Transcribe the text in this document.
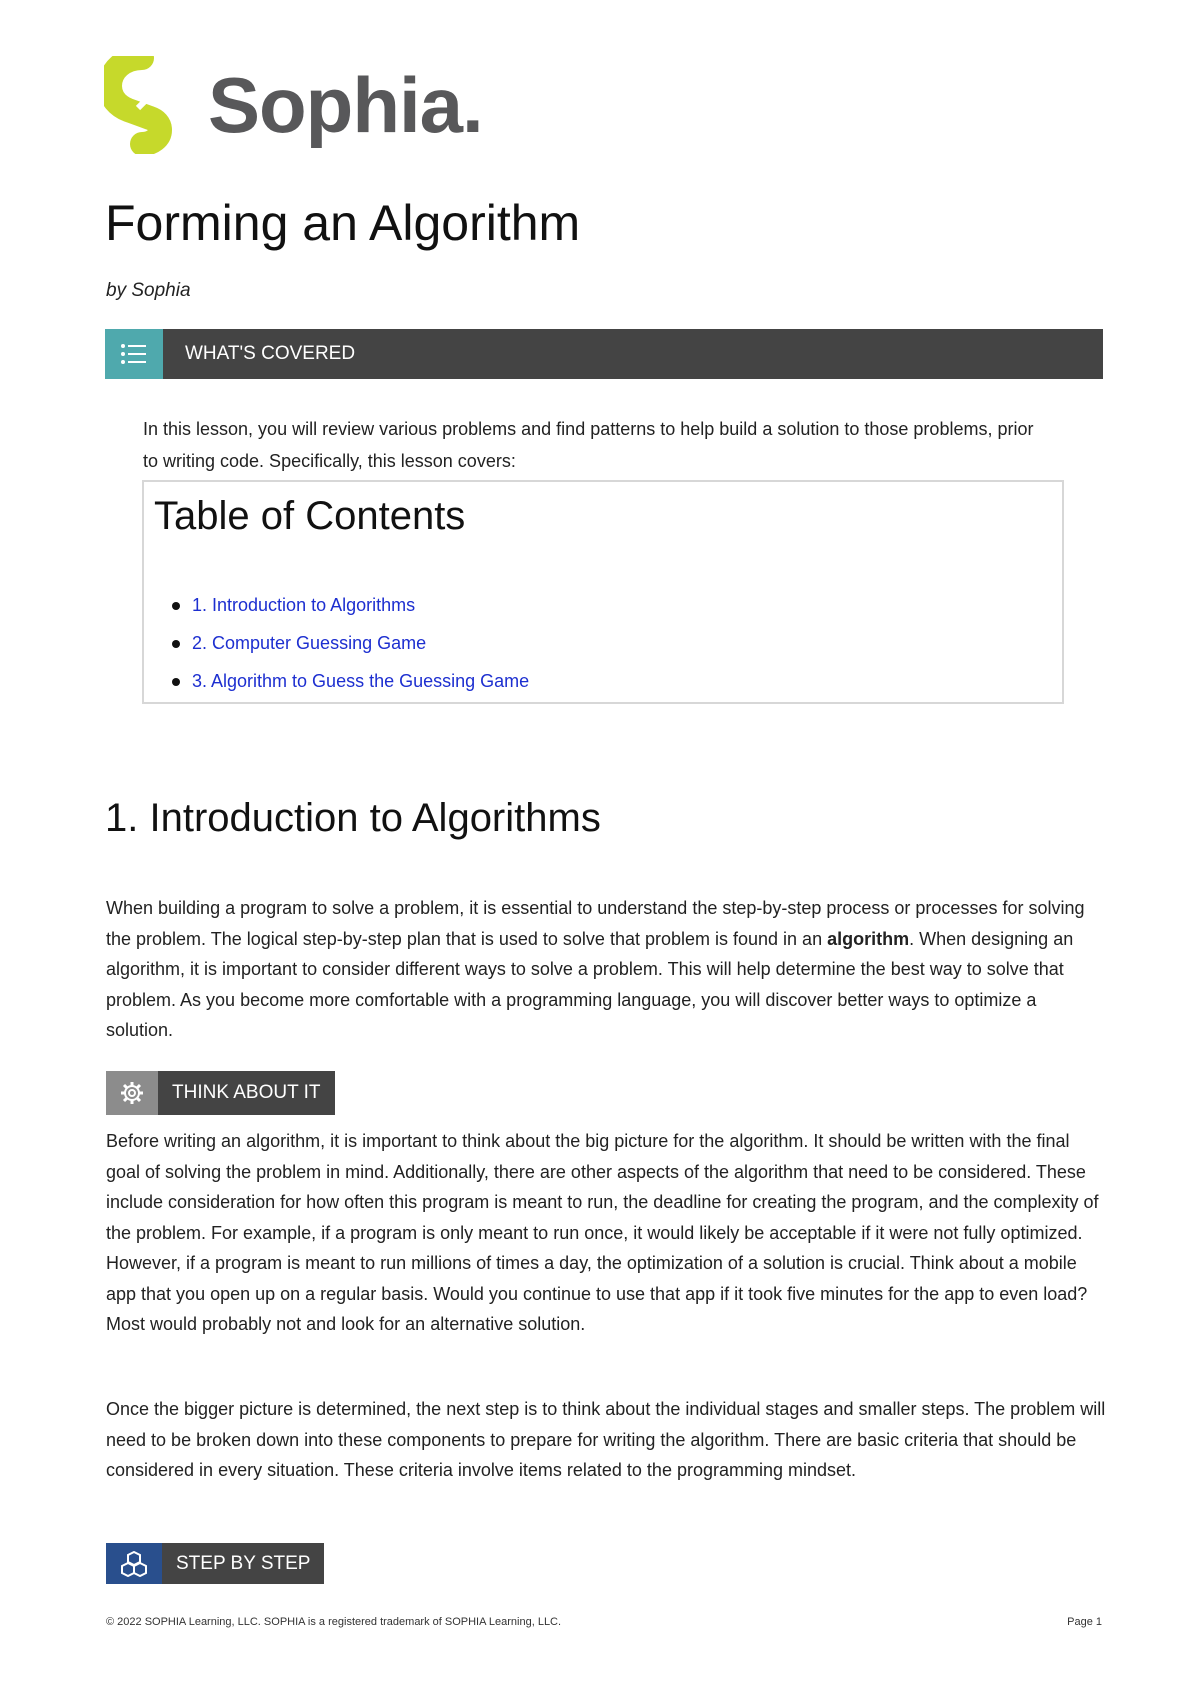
Sophia.
Forming an Algorithm
by Sophia
WHAT'S COVERED

In this lesson, you will review various problems and find patterns to help build a solution to those problems, prior to writing code. Specifically, this lesson covers:

Table of Contents
1. Introduction to Algorithms
2. Computer Guessing Game
3. Algorithm to Guess the Guessing Game
1. Introduction to Algorithms

When building a program to solve a problem, it is essential to understand the step-by-step process or processes for solving the problem. The logical step-by-step plan that is used to solve that problem is found in an algorithm. When designing an algorithm, it is important to consider different ways to solve a problem. This will help determine the best way to solve that problem. As you become more comfortable with a programming language, you will discover better ways to optimize a solution.

THINK ABOUT IT

Before writing an algorithm, it is important to think about the big picture for the algorithm. It should be written with the final goal of solving the problem in mind. Additionally, there are other aspects of the algorithm that need to be considered. These include consideration for how often this program is meant to run, the deadline for creating the program, and the complexity of the problem. For example, if a program is only meant to run once, it would likely be acceptable if it were not fully optimized. However, if a program is meant to run millions of times a day, the optimization of a solution is crucial. Think about a mobile app that you open up on a regular basis. Would you continue to use that app if it took five minutes for the app to even load? Most would probably not and look for an alternative solution.

Once the bigger picture is determined, the next step is to think about the individual stages and smaller steps. The problem will need to be broken down into these components to prepare for writing the algorithm. There are basic criteria that should be considered in every situation. These criteria involve items related to the programming mindset.

STEP BY STEP
© 2022 SOPHIA Learning, LLC. SOPHIA is a registered trademark of SOPHIA Learning, LLC.	Page 1
